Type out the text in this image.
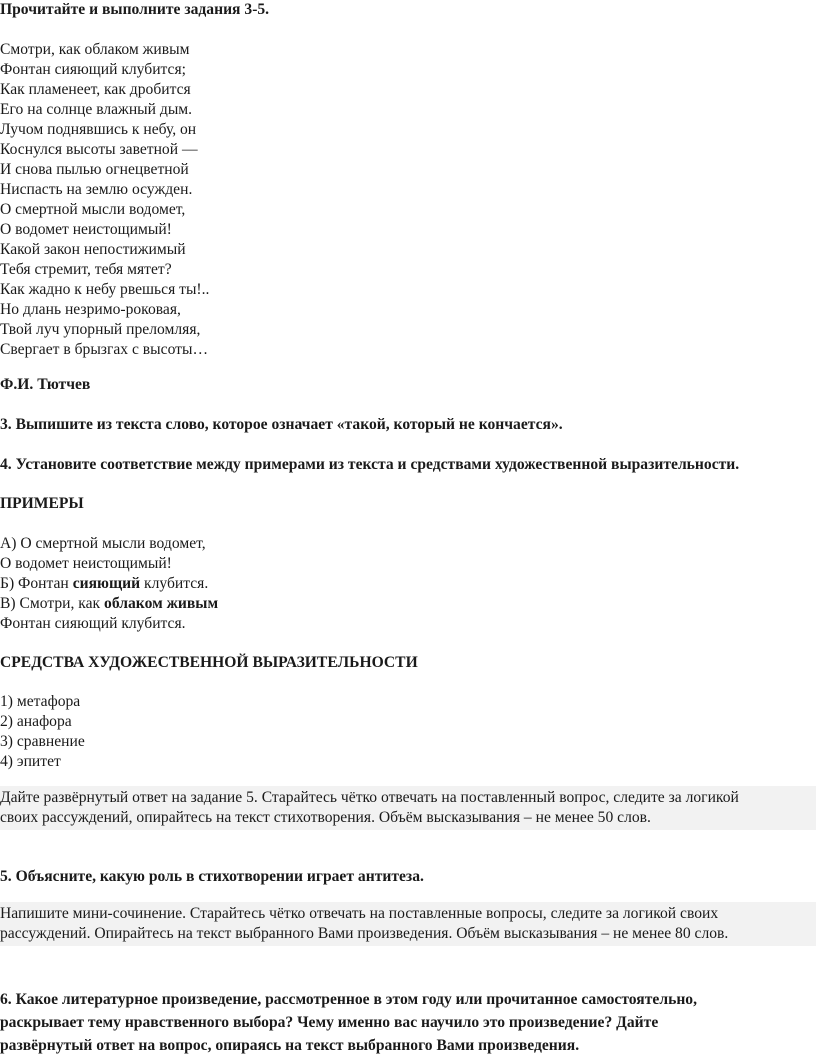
Прочитайте и выполните задания 3-5.
Смотри, как облаком живым
Фонтан сияющий клубится;
Как пламенеет, как дробится
Его на солнце влажный дым.
Лучом поднявшись к небу, он
Коснулся высоты заветной —
И снова пылью огнецветной
Ниспасть на землю осужден.
О смертной мысли водомет,
О водомет неистощимый!
Какой закон непостижимый
Тебя стремит, тебя мятет?
Как жадно к небу рвешься ты!..
Но длань незримо-роковая,
Твой луч упорный преломляя,
Свергает в брызгах с высоты…
Ф.И. Тютчев
3. Выпишите из текста слово, которое означает «такой, который не кончается».
4. Установите соответствие между примерами из текста и средствами художественной выразительности.
ПРИМЕРЫ
А) О смертной мысли водомет,
О водомет неистощимый!
Б) Фонтан сияющий клубится.
В) Смотри, как облаком живым
Фонтан сияющий клубится.
СРЕДСТВА ХУДОЖЕСТВЕННОЙ ВЫРАЗИТЕЛЬНОСТИ
1) метафора
2) анафора
3) сравнение
4) эпитет
Дайте развёрнутый ответ на задание 5. Старайтесь чётко отвечать на поставленный вопрос, следите за логикой
своих рассуждений, опирайтесь на текст стихотворения. Объём высказывания – не менее 50 слов.
5. Объясните, какую роль в стихотворении играет антитеза.
Напишите мини-сочинение. Старайтесь чётко отвечать на поставленные вопросы, следите за логикой своих
рассуждений. Опирайтесь на текст выбранного Вами произведения. Объём высказывания – не менее 80 слов.
6. Какое литературное произведение, рассмотренное в этом году или прочитанное самостоятельно,
раскрывает тему нравственного выбора? Чему именно вас научило это произведение? Дайте
развёрнутый ответ на вопрос, опираясь на текст выбранного Вами произведения.
